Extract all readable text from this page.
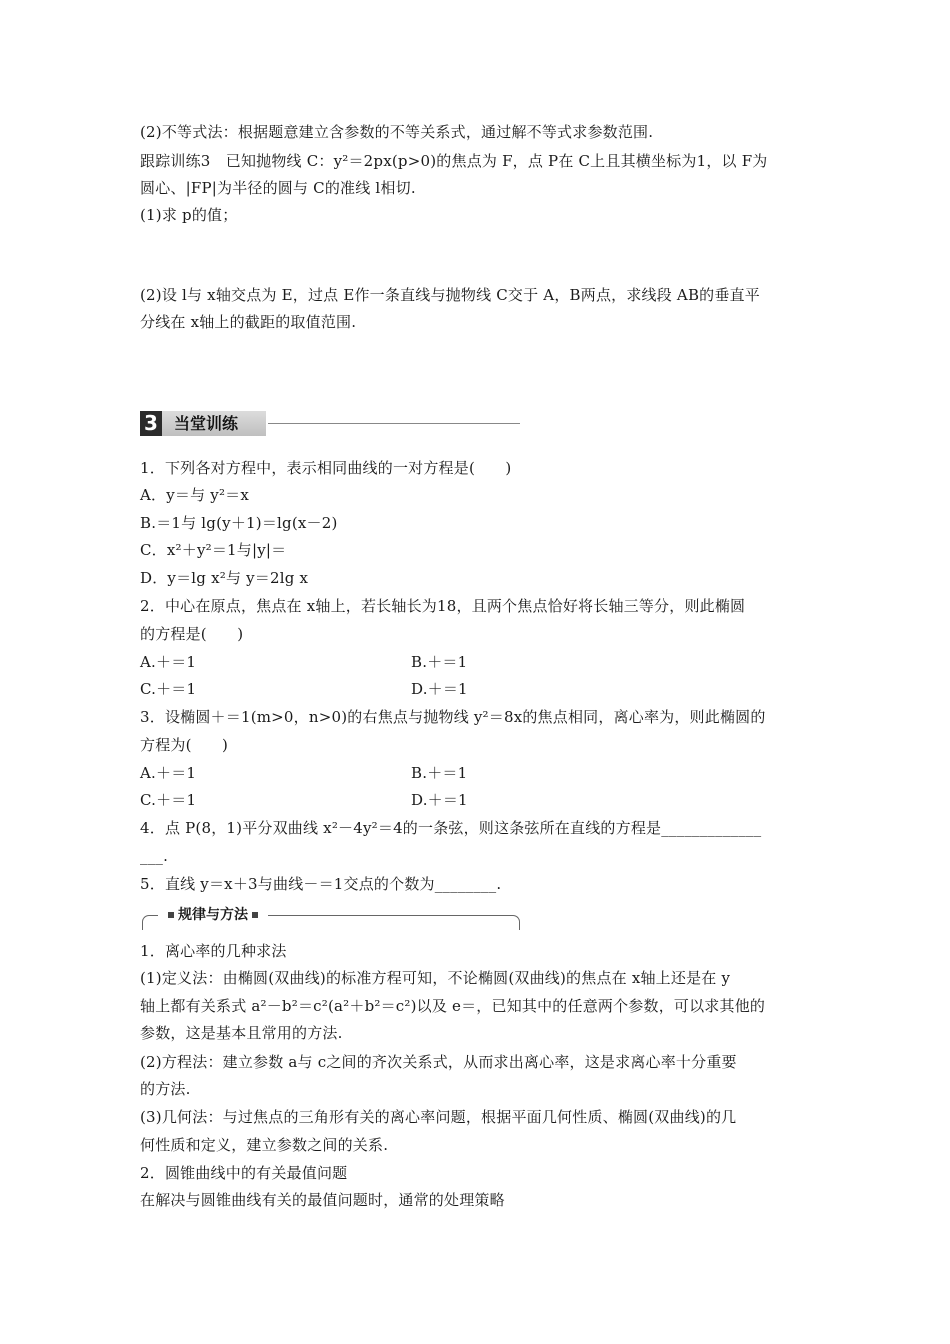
(2)不等式法：根据题意建立含参数的不等关系式，通过解不等式求参数范围.
跟踪训练3　已知抛物线 C：y²＝2px(p>0)的焦点为 F，点 P在 C上且其横坐标为1，以 F为
圆心、|FP|为半径的圆与 C的准线 l相切.
(1)求 p的值；
(2)设 l与 x轴交点为 E，过点 E作一条直线与抛物线 C交于 A，B两点，求线段 AB的垂直平
分线在 x轴上的截距的取值范围.
3 当堂训练
1．下列各对方程中，表示相同曲线的一对方程是(　　)
A．y＝与 y²＝x
B.＝1与 lg(y＋1)＝lg(x－2)
C．x²＋y²＝1与|y|＝
D．y＝lg x²与 y＝2lg x
2．中心在原点，焦点在 x轴上，若长轴长为18，且两个焦点恰好将长轴三等分，则此椭圆
的方程是(　　)
A.＋＝1	B.＋＝1
C.＋＝1	D.＋＝1
3．设椭圆＋＝1(m>0，n>0)的右焦点与抛物线 y²＝8x的焦点相同，离心率为，则此椭圆的
方程为(　　)
A.＋＝1	B.＋＝1
C.＋＝1	D.＋＝1
4．点 P(8，1)平分双曲线 x²－4y²＝4的一条弦，则这条弦所在直线的方程是_____________
___.
5．直线 y＝x＋3与曲线－＝1交点的个数为________.
规律与方法
1．离心率的几种求法
(1)定义法：由椭圆(双曲线)的标准方程可知，不论椭圆(双曲线)的焦点在 x轴上还是在 y
轴上都有关系式 a²－b²＝c²(a²＋b²＝c²)以及 e＝，已知其中的任意两个参数，可以求其他的
参数，这是基本且常用的方法.
(2)方程法：建立参数 a与 c之间的齐次关系式，从而求出离心率，这是求离心率十分重要
的方法.
(3)几何法：与过焦点的三角形有关的离心率问题，根据平面几何性质、椭圆(双曲线)的几
何性质和定义，建立参数之间的关系.
2．圆锥曲线中的有关最值问题
在解决与圆锥曲线有关的最值问题时，通常的处理策略
